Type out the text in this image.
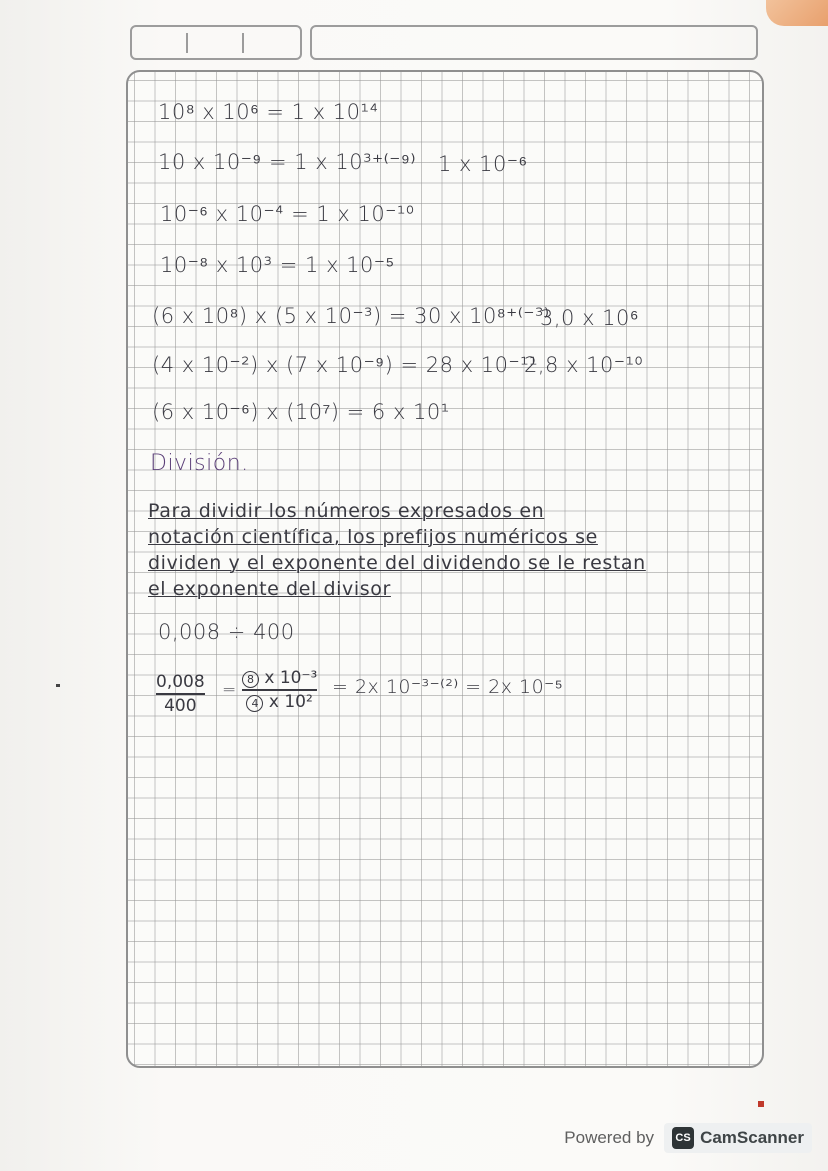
10⁸ x 10⁶ = 1 x 10¹⁴

10 x 10⁻⁹ = 1 x 10³⁺⁽⁻⁹⁾ 1 x 10⁻⁶

10⁻⁶ x 10⁻⁴ = 1 x 10⁻¹⁰

10⁻⁸ x 10³ = 1 x 10⁻⁵

(6 x 10⁸) x (5 x 10⁻³) = 30 x 10⁸⁺⁽⁻³⁾

3,0 x 10⁶

(4 x 10⁻²) x (7 x 10⁻⁹) = 28 x 10⁻¹¹

2,8 x 10⁻¹⁰

(6 x 10⁻⁶) x (10⁷) = 6 x 10¹

División.

Para dividir los números expresados en

notación científica, los prefijos numéricos se

dividen y el exponente del dividendo se le restan

el exponente del divisor

0,008 ÷ 400

0,008
400
=
8 x 10⁻³
4 x 10²

= 2x 10⁻³⁻⁽²⁾ = 2x 10⁻⁵

Powered by	CS CamScanner
